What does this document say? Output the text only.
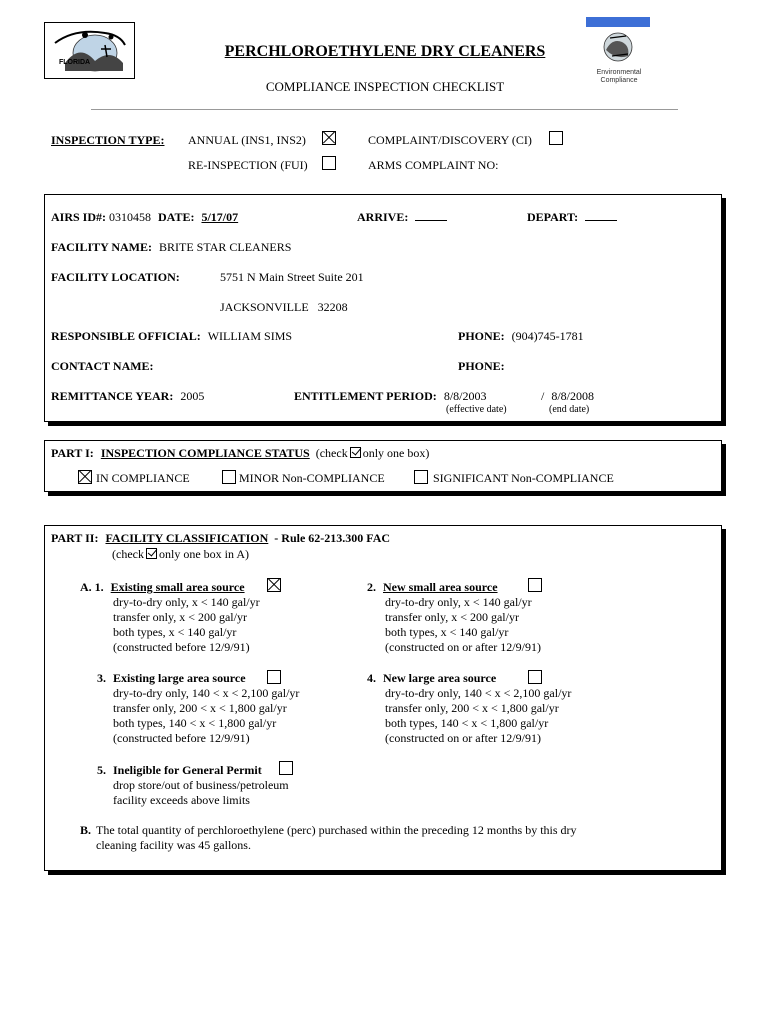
FLORIDA
PERCHLOROETHYLENE DRY CLEANERS
COMPLIANCE INSPECTION CHECKLIST
Environmental Compliance
INSPECTION TYPE: ANNUAL (INS1, INS2)	COMPLAINT/DISCOVERY (CI)
RE-INSPECTION (FUI)	ARMS COMPLAINT NO:
AIRS ID#: 0310458 DATE: 5/17/07	ARRIVE:	DEPART:
FACILITY NAME: BRITE STAR CLEANERS
FACILITY LOCATION:	5751 N Main Street Suite 201
JACKSONVILLE   32208
RESPONSIBLE OFFICIAL: WILLIAM SIMS	PHONE: (904)745-1781
CONTACT NAME:	PHONE:
REMITTANCE YEAR: 2005	ENTITLEMENT PERIOD: 8/8/2003	/ 8/8/2008
(effective date)	(end date)
PART I: INSPECTION COMPLIANCE STATUS (check only one box)
IN COMPLIANCE	MINOR Non-COMPLIANCE	SIGNIFICANT Non-COMPLIANCE
PART II: FACILITY CLASSIFICATION - Rule 62-213.300 FAC
(check only one box in A)
A. 1. Existing small area source
dry-to-dry only, x < 140 gal/yr
transfer only, x < 200 gal/yr
both types, x < 140 gal/yr
(constructed before 12/9/91)
2. New small area source
dry-to-dry only, x < 140 gal/yr
transfer only, x < 200 gal/yr
both types, x < 140 gal/yr
(constructed on or after 12/9/91)
3. Existing large area source
dry-to-dry only, 140 < x < 2,100 gal/yr
transfer only, 200 < x < 1,800 gal/yr
both types, 140 < x < 1,800 gal/yr
(constructed before 12/9/91)
4. New large area source
dry-to-dry only, 140 < x < 2,100 gal/yr
transfer only, 200 < x < 1,800 gal/yr
both types, 140 < x < 1,800 gal/yr
(constructed on or after 12/9/91)
5. Ineligible for General Permit
drop store/out of business/petroleum
facility exceeds above limits
B. The total quantity of perchloroethylene (perc) purchased within the preceding 12 months by this dry
cleaning facility was 45 gallons.
